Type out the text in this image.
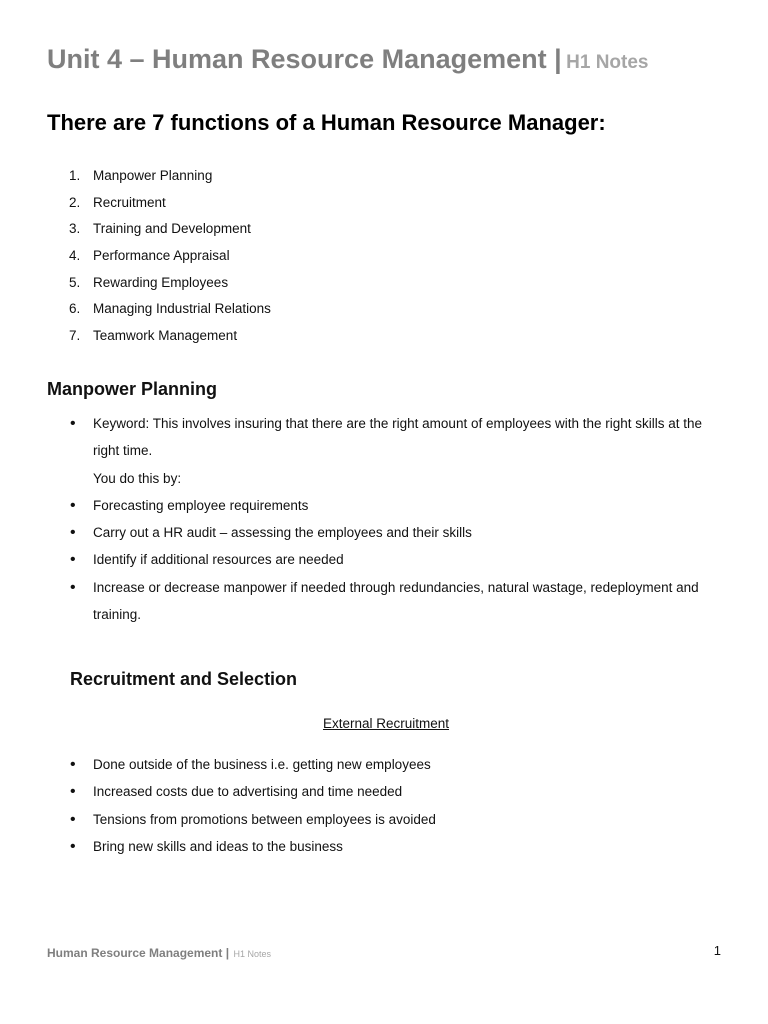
Unit 4 – Human Resource Management | H1 Notes
There are 7 functions of a Human Resource Manager:
1. Manpower Planning
2. Recruitment
3. Training and Development
4. Performance Appraisal
5. Rewarding Employees
6. Managing Industrial Relations
7. Teamwork Management
Manpower Planning
• Keyword: This involves insuring that there are the right amount of employees with the right skills at the right time.
You do this by:
• Forecasting employee requirements
• Carry out a HR audit – assessing the employees and their skills
• Identify if additional resources are needed
• Increase or decrease manpower if needed through redundancies, natural wastage, redeployment and training.
Recruitment and Selection
External Recruitment
• Done outside of the business i.e. getting new employees
• Increased costs due to advertising and time needed
• Tensions from promotions between employees is avoided
• Bring new skills and ideas to the business
Human Resource Management | H1 Notes	1
